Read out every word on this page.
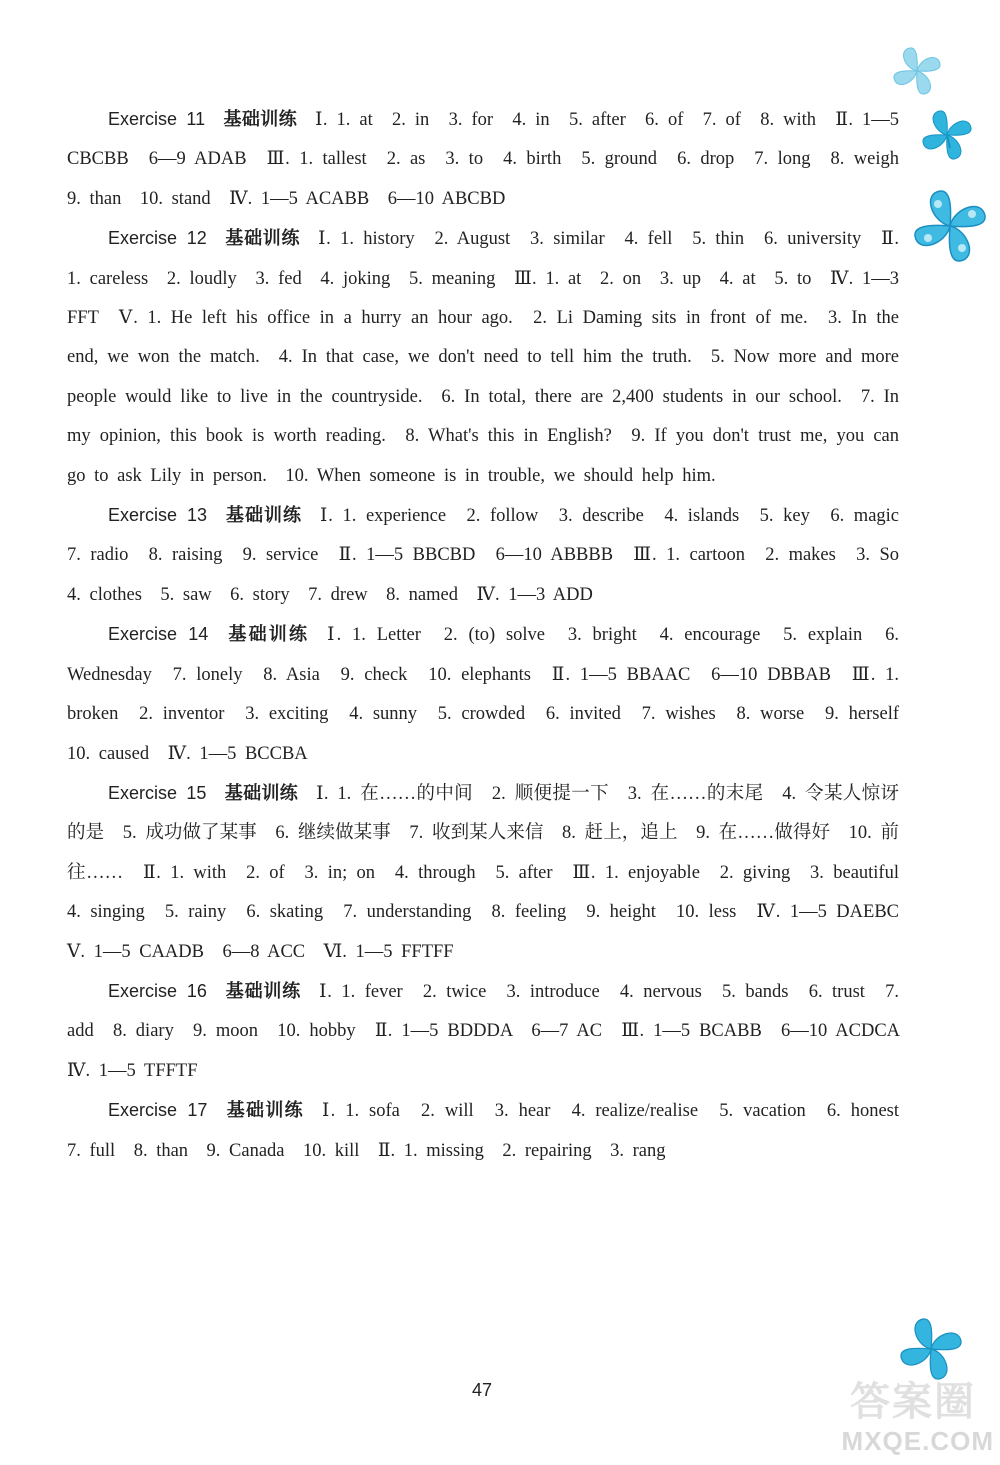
Exercise 11 基础训练 Ⅰ. 1. at　2. in　3. for　4. in　5. after　6. of　7. of　8. with　Ⅱ. 1—5 CBCBB　6—9 ADAB　Ⅲ. 1. tallest　2. as　3. to　4. birth　5. ground　6. drop　7. long　8. weigh　9. than　10. stand　Ⅳ. 1—5 ACABB　6—10 ABCBD

Exercise 12 基础训练 Ⅰ. 1. history　2. August　3. similar　4. fell　5. thin　6. university　Ⅱ. 1. careless　2. loudly　3. fed　4. joking　5. meaning　Ⅲ. 1. at　2. on　3. up　4. at　5. to　Ⅳ. 1—3 FFT　Ⅴ. 1. He left his office in a hurry an hour ago.　2. Li Daming sits in front of me.　3. In the end, we won the match.　4. In that case, we don't need to tell him the truth.　5. Now more and more people would like to live in the countryside.　6. In total, there are 2,400 students in our school.　7. In my opinion, this book is worth reading.　8. What's this in English?　9. If you don't trust me, you can go to ask Lily in person.　10. When someone is in trouble, we should help him.

Exercise 13 基础训练 Ⅰ. 1. experience　2. follow　3. describe　4. islands　5. key　6. magic　7. radio　8. raising　9. service　Ⅱ. 1—5 BBCBD　6—10 ABBBB　Ⅲ. 1. cartoon　2. makes　3. So　4. clothes　5. saw　6. story　7. drew　8. named　Ⅳ. 1—3 ADD

Exercise 14 基础训练 Ⅰ. 1. Letter　2. (to) solve　3. bright　4. encourage　5. explain　6. Wednesday　7. lonely　8. Asia　9. check　10. elephants　Ⅱ. 1—5 BBAAC　6—10 DBBAB　Ⅲ. 1. broken　2. inventor　3. exciting　4. sunny　5. crowded　6. invited　7. wishes　8. worse　9. herself　10. caused　Ⅳ. 1—5 BCCBA

Exercise 15 基础训练 Ⅰ. 1. 在……的中间　2. 顺便提一下　3. 在……的末尾　4. 令某人惊讶的是　5. 成功做了某事　6. 继续做某事　7. 收到某人来信　8. 赶上，追上　9. 在……做得好　10. 前往……　Ⅱ. 1. with　2. of　3. in; on　4. through　5. after　Ⅲ. 1. enjoyable　2. giving　3. beautiful　4. singing　5. rainy　6. skating　7. understanding　8. feeling　9. height　10. less　Ⅳ. 1—5 DAEBC　Ⅴ. 1—5 CAADB　6—8 ACC　Ⅵ. 1—5 FFTFF

Exercise 16 基础训练 Ⅰ. 1. fever　2. twice　3. introduce　4. nervous　5. bands　6. trust　7. add　8. diary　9. moon　10. hobby　Ⅱ. 1—5 BDDDA　6—7 AC　Ⅲ. 1—5 BCABB　6—10 ACDCA　Ⅳ. 1—5 TFFTF

Exercise 17 基础训练 Ⅰ. 1. sofa　2. will　3. hear　4. realize/realise　5. vacation　6. honest　7. full　8. than　9. Canada　10. kill　Ⅱ. 1. missing　2. repairing　3. rang

47	答案圈
MXQE.COM
